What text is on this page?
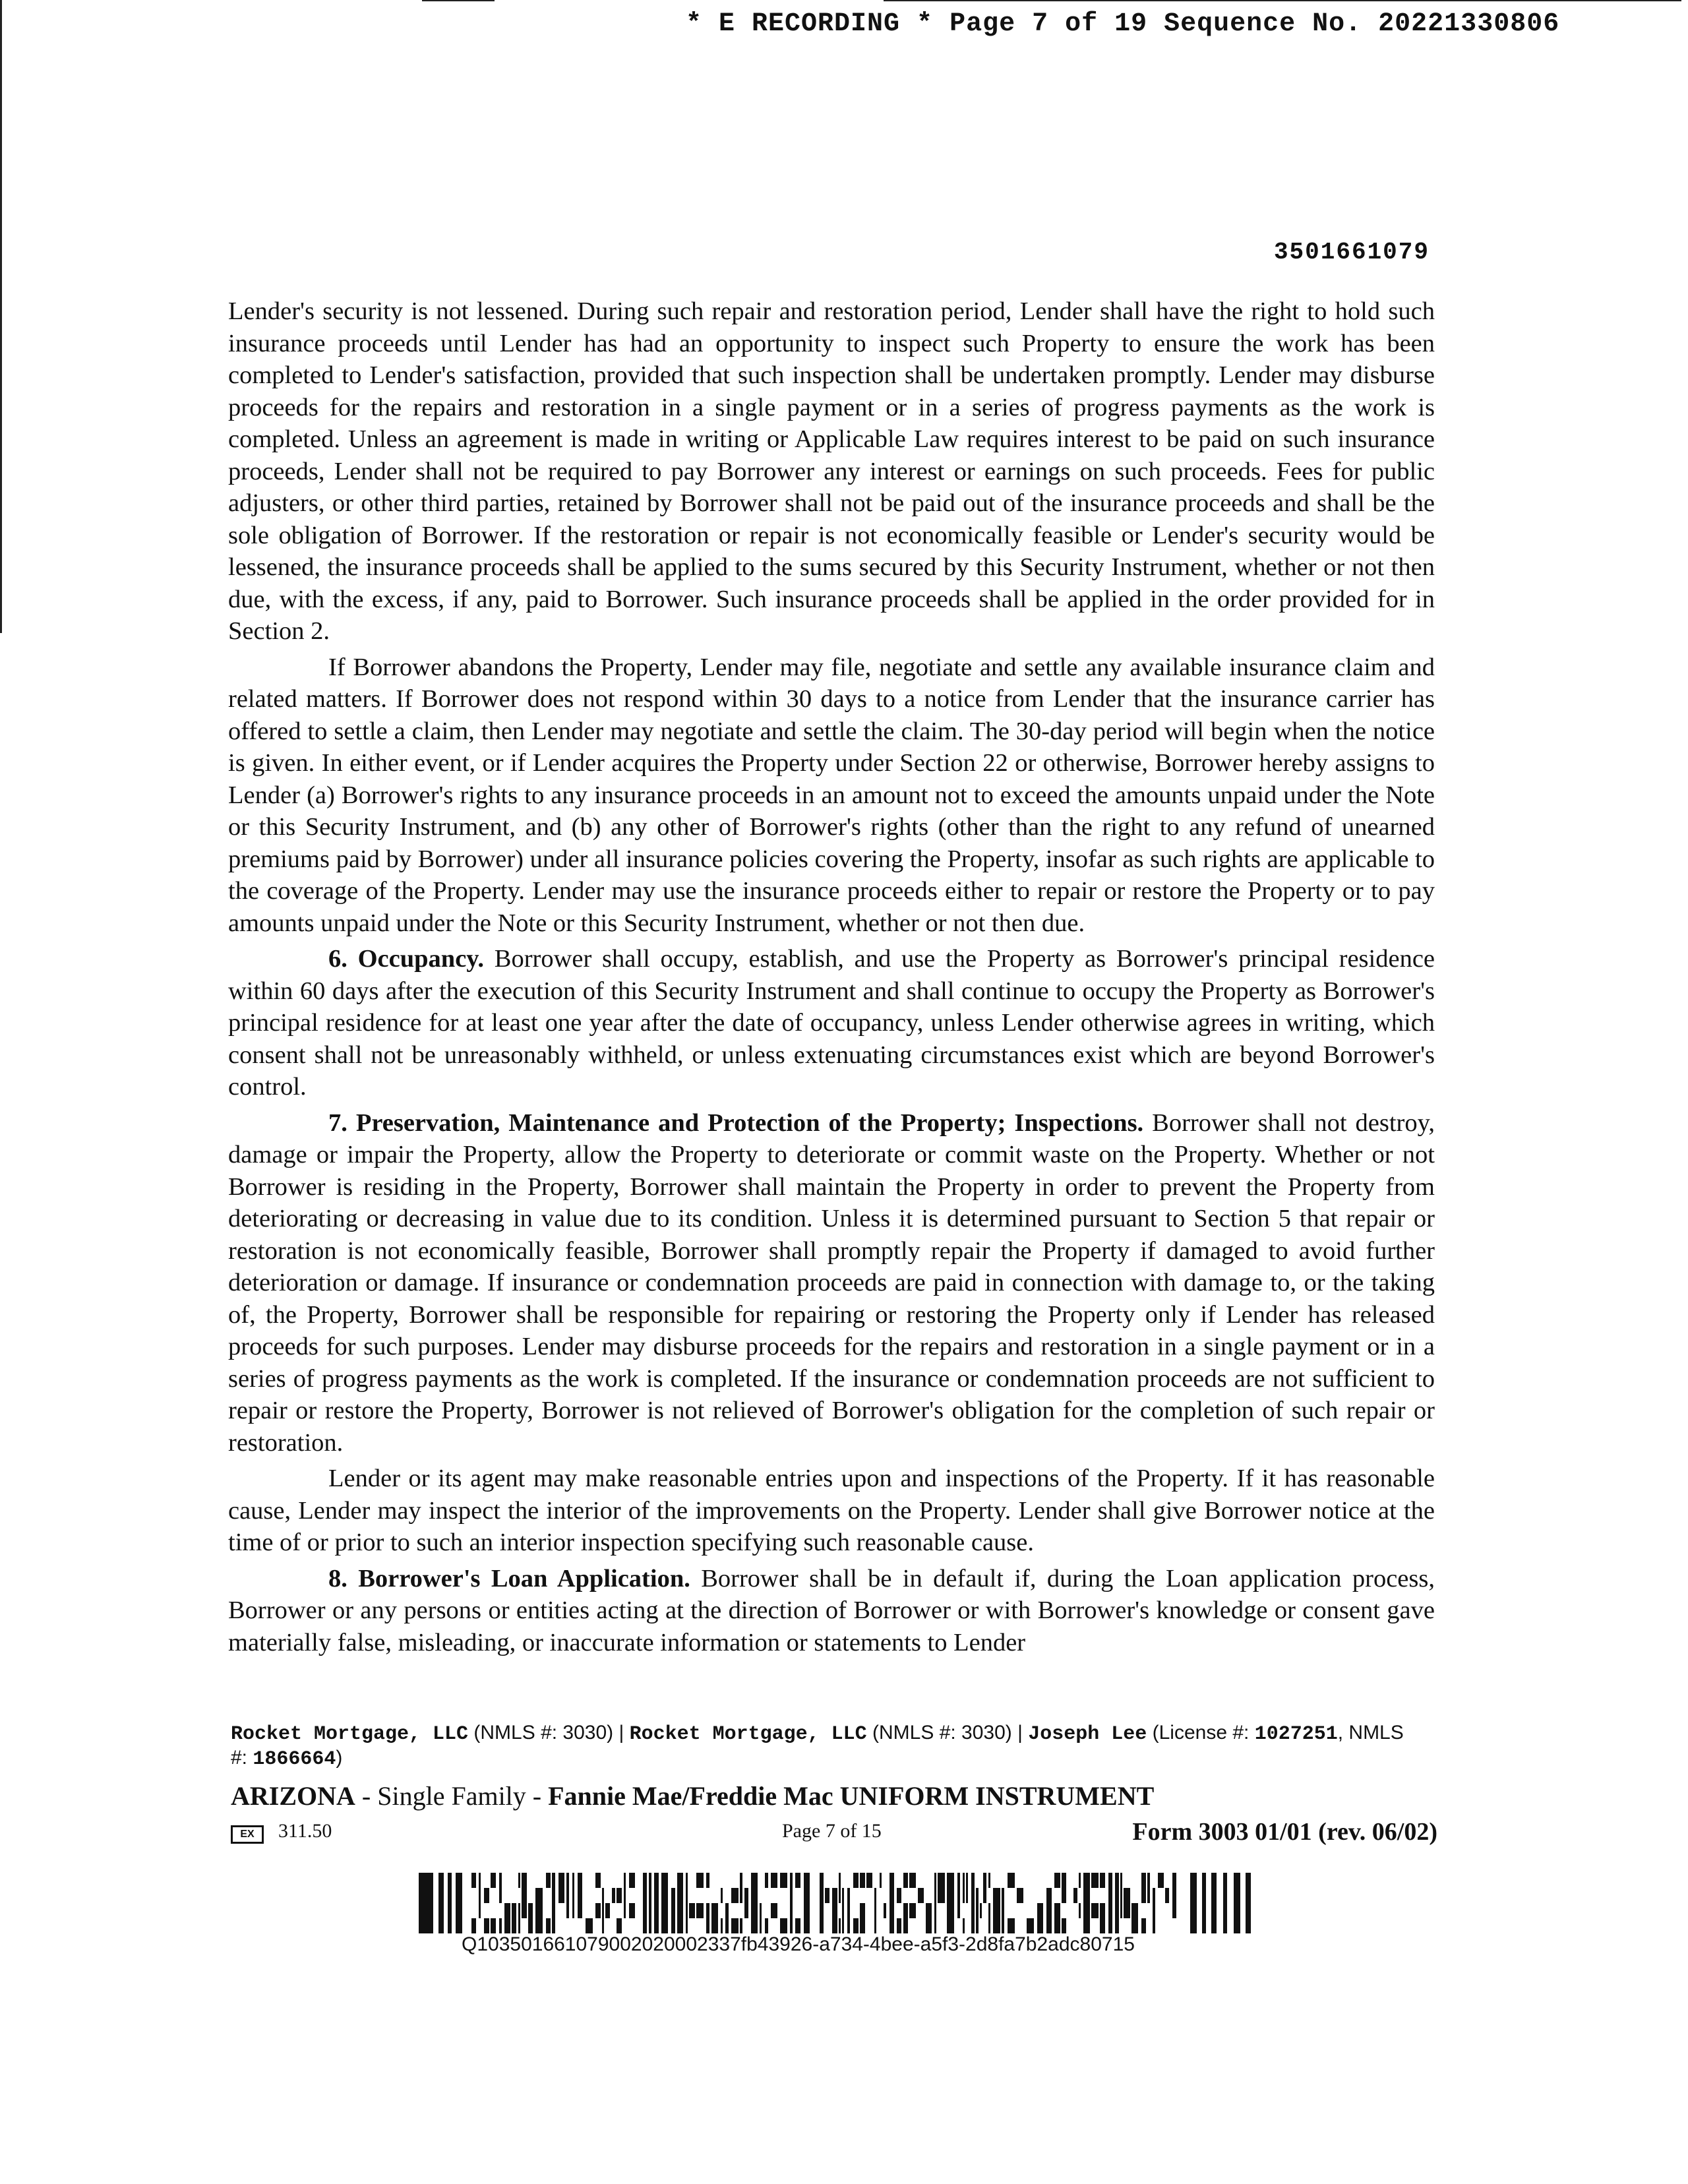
* E RECORDING * Page 7 of 19 Sequence No. 20221330806
3501661079

Lender's security is not lessened. During such repair and restoration period, Lender shall have the right to hold such insurance proceeds until Lender has had an opportunity to inspect such Property to ensure the work has been completed to Lender's satisfaction, provided that such inspection shall be undertaken promptly. Lender may disburse proceeds for the repairs and restoration in a single payment or in a series of progress payments as the work is completed. Unless an agreement is made in writing or Applicable Law requires interest to be paid on such insurance proceeds, Lender shall not be required to pay Borrower any interest or earnings on such proceeds. Fees for public adjusters, or other third parties, retained by Borrower shall not be paid out of the insurance proceeds and shall be the sole obligation of Borrower. If the restoration or repair is not economically feasible or Lender's security would be lessened, the insurance proceeds shall be applied to the sums secured by this Security Instrument, whether or not then due, with the excess, if any, paid to Borrower. Such insurance proceeds shall be applied in the order provided for in Section 2.

If Borrower abandons the Property, Lender may file, negotiate and settle any available insurance claim and related matters. If Borrower does not respond within 30 days to a notice from Lender that the insurance carrier has offered to settle a claim, then Lender may negotiate and settle the claim. The 30-day period will begin when the notice is given. In either event, or if Lender acquires the Property under Section 22 or otherwise, Borrower hereby assigns to Lender (a) Borrower's rights to any insurance proceeds in an amount not to exceed the amounts unpaid under the Note or this Security Instrument, and (b) any other of Borrower's rights (other than the right to any refund of unearned premiums paid by Borrower) under all insurance policies covering the Property, insofar as such rights are applicable to the coverage of the Property. Lender may use the insurance proceeds either to repair or restore the Property or to pay amounts unpaid under the Note or this Security Instrument, whether or not then due.

6. Occupancy. Borrower shall occupy, establish, and use the Property as Borrower's principal residence within 60 days after the execution of this Security Instrument and shall continue to occupy the Property as Borrower's principal residence for at least one year after the date of occupancy, unless Lender otherwise agrees in writing, which consent shall not be unreasonably withheld, or unless extenuating circumstances exist which are beyond Borrower's control.

7. Preservation, Maintenance and Protection of the Property; Inspections. Borrower shall not destroy, damage or impair the Property, allow the Property to deteriorate or commit waste on the Property. Whether or not Borrower is residing in the Property, Borrower shall maintain the Property in order to prevent the Property from deteriorating or decreasing in value due to its condition. Unless it is determined pursuant to Section 5 that repair or restoration is not economically feasible, Borrower shall promptly repair the Property if damaged to avoid further deterioration or damage. If insurance or condemnation proceeds are paid in connection with damage to, or the taking of, the Property, Borrower shall be responsible for repairing or restoring the Property only if Lender has released proceeds for such purposes. Lender may disburse proceeds for the repairs and restoration in a single payment or in a series of progress payments as the work is completed. If the insurance or condemnation proceeds are not sufficient to repair or restore the Property, Borrower is not relieved of Borrower's obligation for the completion of such repair or restoration.

Lender or its agent may make reasonable entries upon and inspections of the Property. If it has reasonable cause, Lender may inspect the interior of the improvements on the Property. Lender shall give Borrower notice at the time of or prior to such an interior inspection specifying such reasonable cause.

8. Borrower's Loan Application. Borrower shall be in default if, during the Loan application process, Borrower or any persons or entities acting at the direction of Borrower or with Borrower's knowledge or consent gave materially false, misleading, or inaccurate information or statements to Lender

Rocket Mortgage, LLC (NMLS #: 3030) | Rocket Mortgage, LLC (NMLS #: 3030) | Joseph Lee (License #: 1027251, NMLS #: 1866664)
ARIZONA - Single Family - Fannie Mae/Freddie Mac UNIFORM INSTRUMENT
EX	311.50	Page 7 of 15	Form 3003 01/01 (rev. 06/02)
Q103501661079002020002337fb43926-a734-4bee-a5f3-2d8fa7b2adc80715
